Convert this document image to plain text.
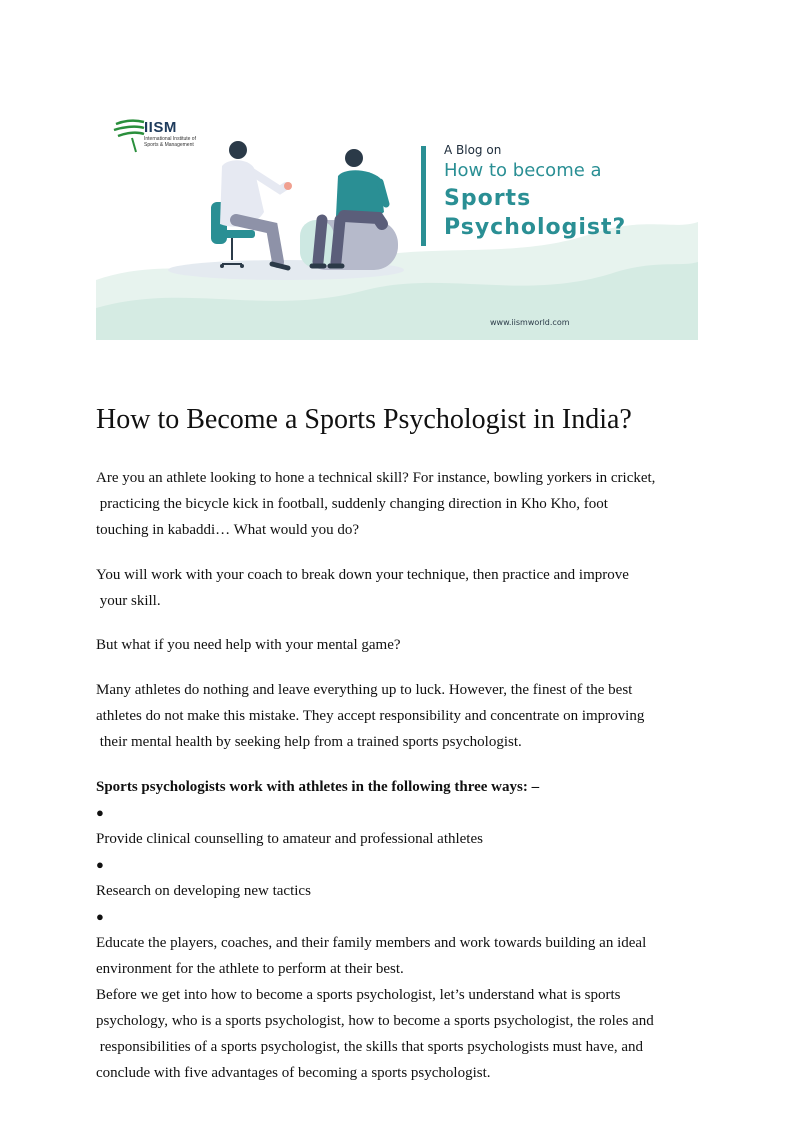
IISM
International Institute of Sports & Management	A Blog on
How to become a
Sports
Psychologist?
www.iismworld.com
How to Become a Sports Psychologist in India?
Are you an athlete looking to hone a technical skill? For instance, bowling yorkers in cricket,
practicing the bicycle kick in football, suddenly changing direction in Kho Kho, foot
touching in kabaddi… What would you do?
You will work with your coach to break down your technique, then practice and improve
your skill.
But what if you need help with your mental game?
Many athletes do nothing and leave everything up to luck. However, the finest of the best
athletes do not make this mistake. They accept responsibility and concentrate on improving
their mental health by seeking help from a trained sports psychologist.
Sports psychologists work with athletes in the following three ways: –
●
Provide clinical counselling to amateur and professional athletes
●
Research on developing new tactics
●
Educate the players, coaches, and their family members and work towards building an ideal
environment for the athlete to perform at their best.
Before we get into how to become a sports psychologist, let’s understand what is sports
psychology, who is a sports psychologist, how to become a sports psychologist, the roles and
responsibilities of a sports psychologist, the skills that sports psychologists must have, and
conclude with five advantages of becoming a sports psychologist.
